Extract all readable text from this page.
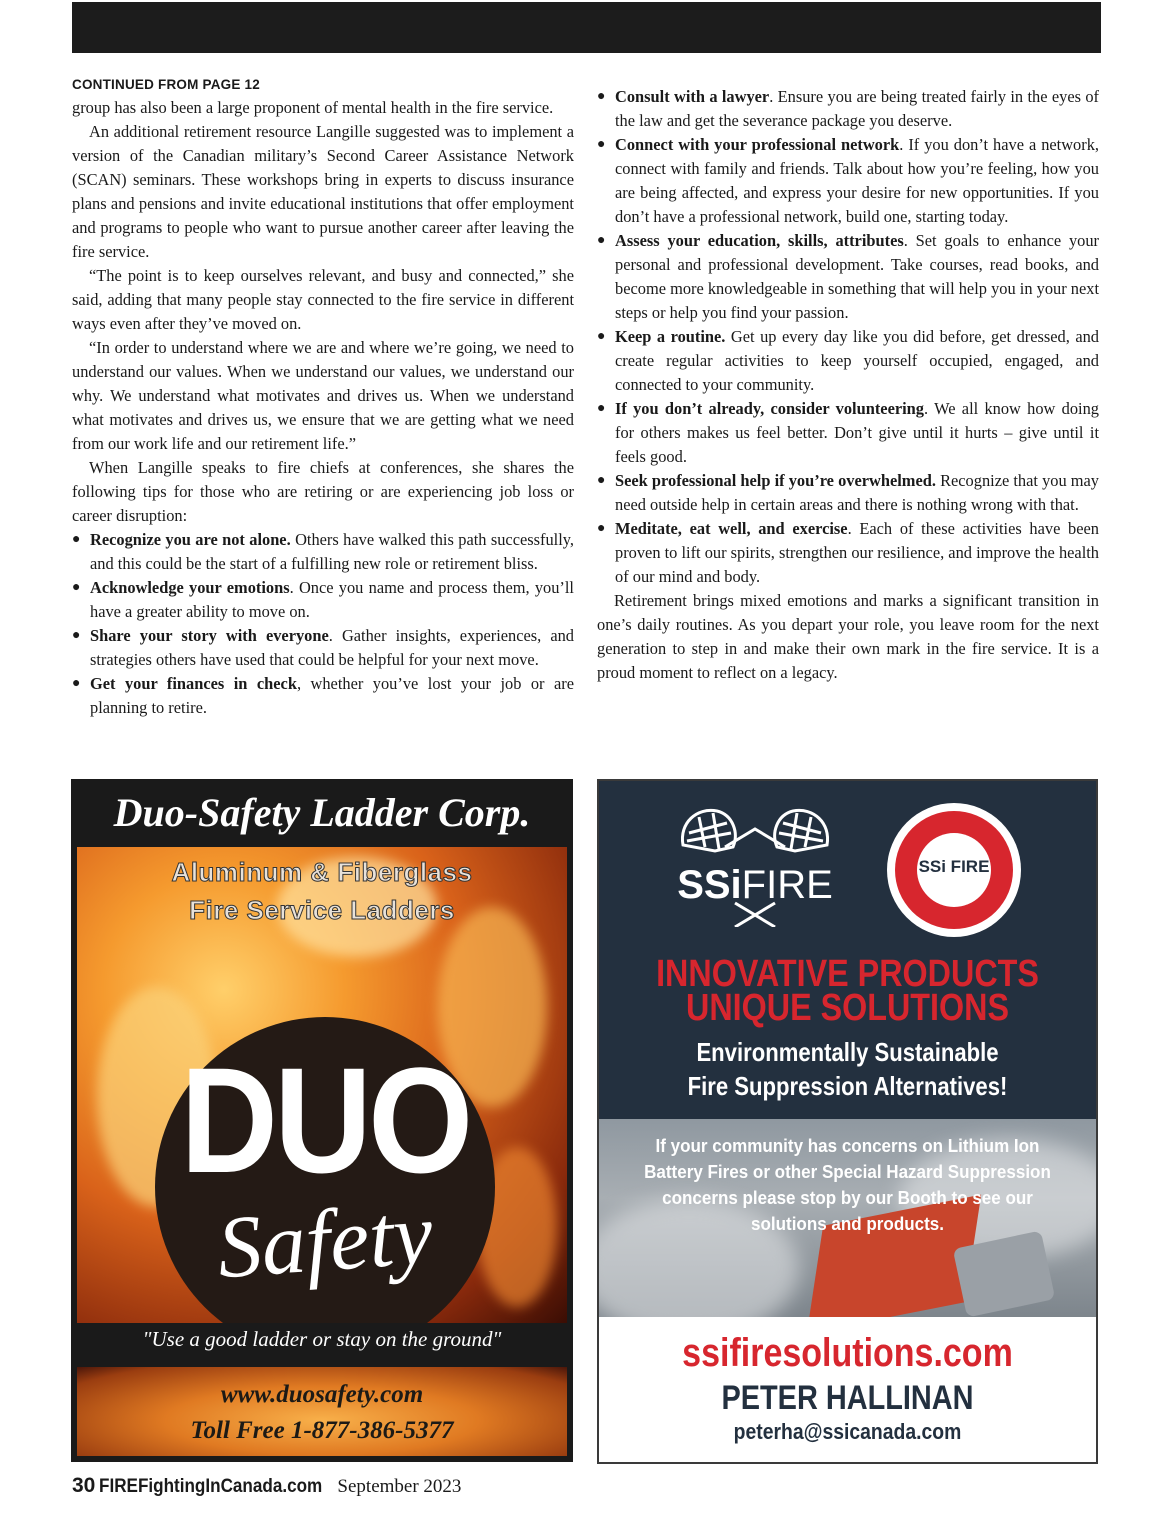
CONTINUED FROM PAGE 12

group has also been a large proponent of mental health in the fire service.

An additional retirement resource Langille suggested was to implement a version of the Canadian military’s Second Career Assistance Network (SCAN) seminars. These workshops bring in experts to discuss insurance plans and pensions and invite educational institutions that offer employment and programs to people who want to pursue another career after leaving the fire service.

“The point is to keep ourselves relevant, and busy and connected,” she said, adding that many people stay connected to the fire service in different ways even after they’ve moved on.

“In order to understand where we are and where we’re going, we need to understand our values. When we understand our values, we understand our why. We understand what motivates and drives us. When we understand what motivates and drives us, we ensure that we are getting what we need from our work life and our retirement life.”

When Langille speaks to fire chiefs at conferences, she shares the following tips for those who are retiring or are experiencing job loss or career disruption:

● Recognize you are not alone. Others have walked this path successfully, and this could be the start of a fulfilling new role or retirement bliss.
● Acknowledge your emotions. Once you name and process them, you’ll have a greater ability to move on.
● Share your story with everyone. Gather insights, experiences, and strategies others have used that could be helpful for your next move.
● Get your finances in check, whether you’ve lost your job or are planning to retire.
● Consult with a lawyer. Ensure you are being treated fairly in the eyes of the law and get the severance package you deserve.
● Connect with your professional network. If you don’t have a network, connect with family and friends. Talk about how you’re feeling, how you are being affected, and express your desire for new opportunities. If you don’t have a professional network, build one, starting today.
● Assess your education, skills, attributes. Set goals to enhance your personal and professional development. Take courses, read books, and become more knowledgeable in something that will help you in your next steps or help you find your passion.
● Keep a routine. Get up every day like you did before, get dressed, and create regular activities to keep yourself occupied, engaged, and connected to your community.
● If you don’t already, consider volunteering. We all know how doing for others makes us feel better. Don’t give until it hurts – give until it feels good.
● Seek professional help if you’re overwhelmed. Recognize that you may need outside help in certain areas and there is nothing wrong with that.
● Meditate, eat well, and exercise. Each of these activities have been proven to lift our spirits, strengthen our resilience, and improve the health of our mind and body.

Retirement brings mixed emotions and marks a significant transition in one’s daily routines. As you depart your role, you leave room for the next generation to step in and make their own mark in the fire service. It is a proud moment to reflect on a legacy.

Duo-Safety Ladder Corp.
Aluminum & Fiberglass
Fire Service Ladders
DUO
Safety
"Use a good ladder or stay on the ground"
www.duosafety.com
Toll Free 1-877-386-5377
SSiFIRE	SSi FIRE
INNOVATIVE PRODUCTS
UNIQUE SOLUTIONS
Environmentally Sustainable
Fire Suppression Alternatives!
If your community has concerns on Lithium Ion Battery Fires or other Special Hazard Suppression concerns please stop by our Booth to see our solutions and products.
ssifiresolutions.com
PETER HALLINAN
peterha@ssicanada.com
30 FIREFightingInCanada.com September 2023
